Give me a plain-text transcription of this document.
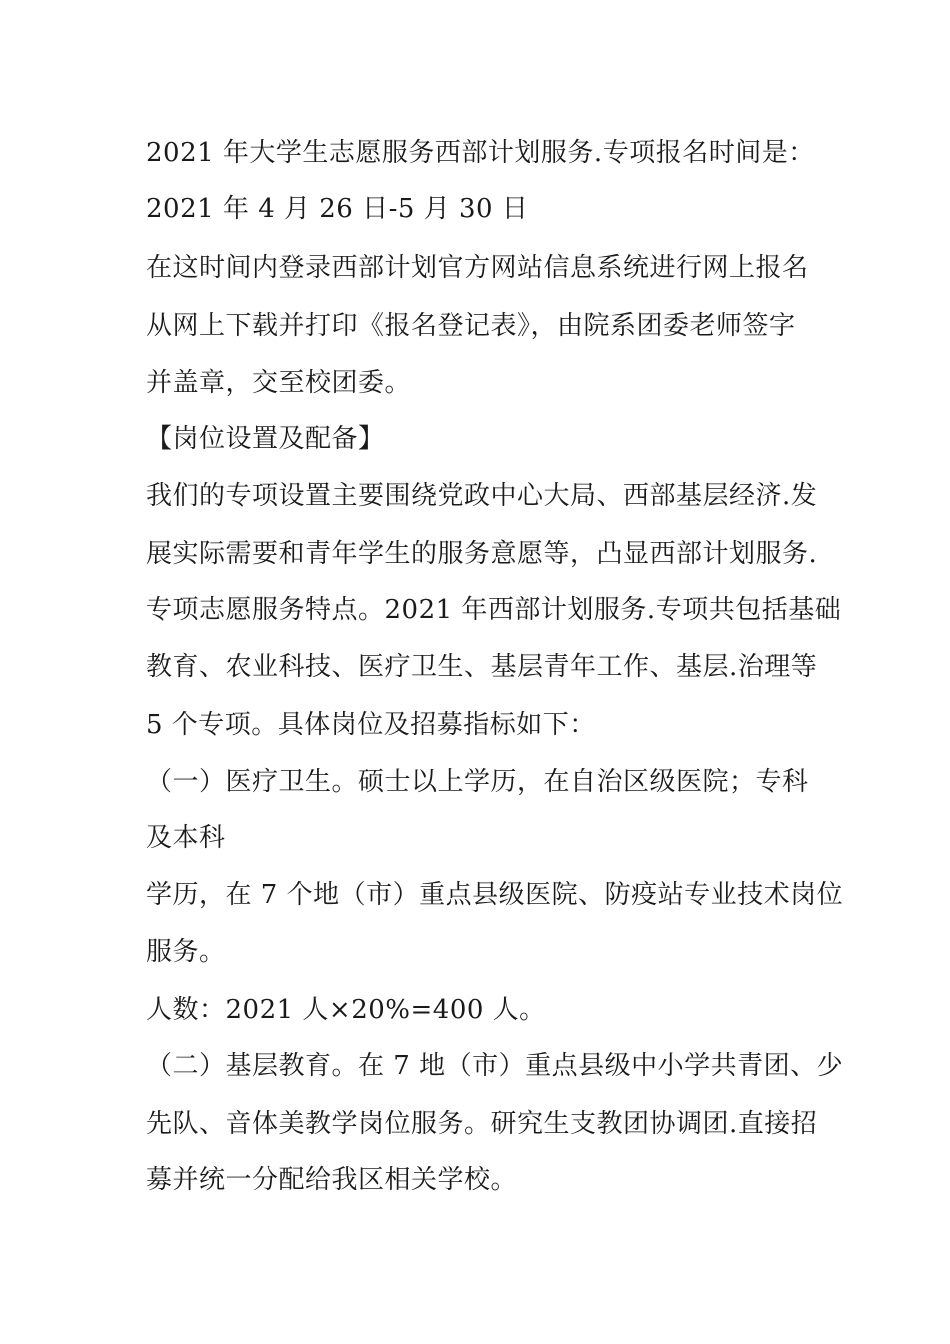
2021 年大学生志愿服务西部计划服务.专项报名时间是：
2021 年 4 月 26 日-5 月 30 日
在这时间内登录西部计划官方网站信息系统进行网上报名
从网上下载并打印《报名登记表》，由院系团委老师签字
并盖章，交至校团委。
【岗位设置及配备】
我们的专项设置主要围绕党政中心大局、西部基层经济.发
展实际需要和青年学生的服务意愿等，凸显西部计划服务.
专项志愿服务特点。2021 年西部计划服务.专项共包括基础
教育、农业科技、医疗卫生、基层青年工作、基层.治理等
5 个专项。具体岗位及招募指标如下：
（一）医疗卫生。硕士以上学历，在自治区级医院；专科
及本科
学历，在 7 个地（市）重点县级医院、防疫站专业技术岗位
服务。
人数：2021 人×20%=400 人。
（二）基层教育。在 7 地（市）重点县级中小学共青团、少
先队、音体美教学岗位服务。研究生支教团协调团.直接招
募并统一分配给我区相关学校。
